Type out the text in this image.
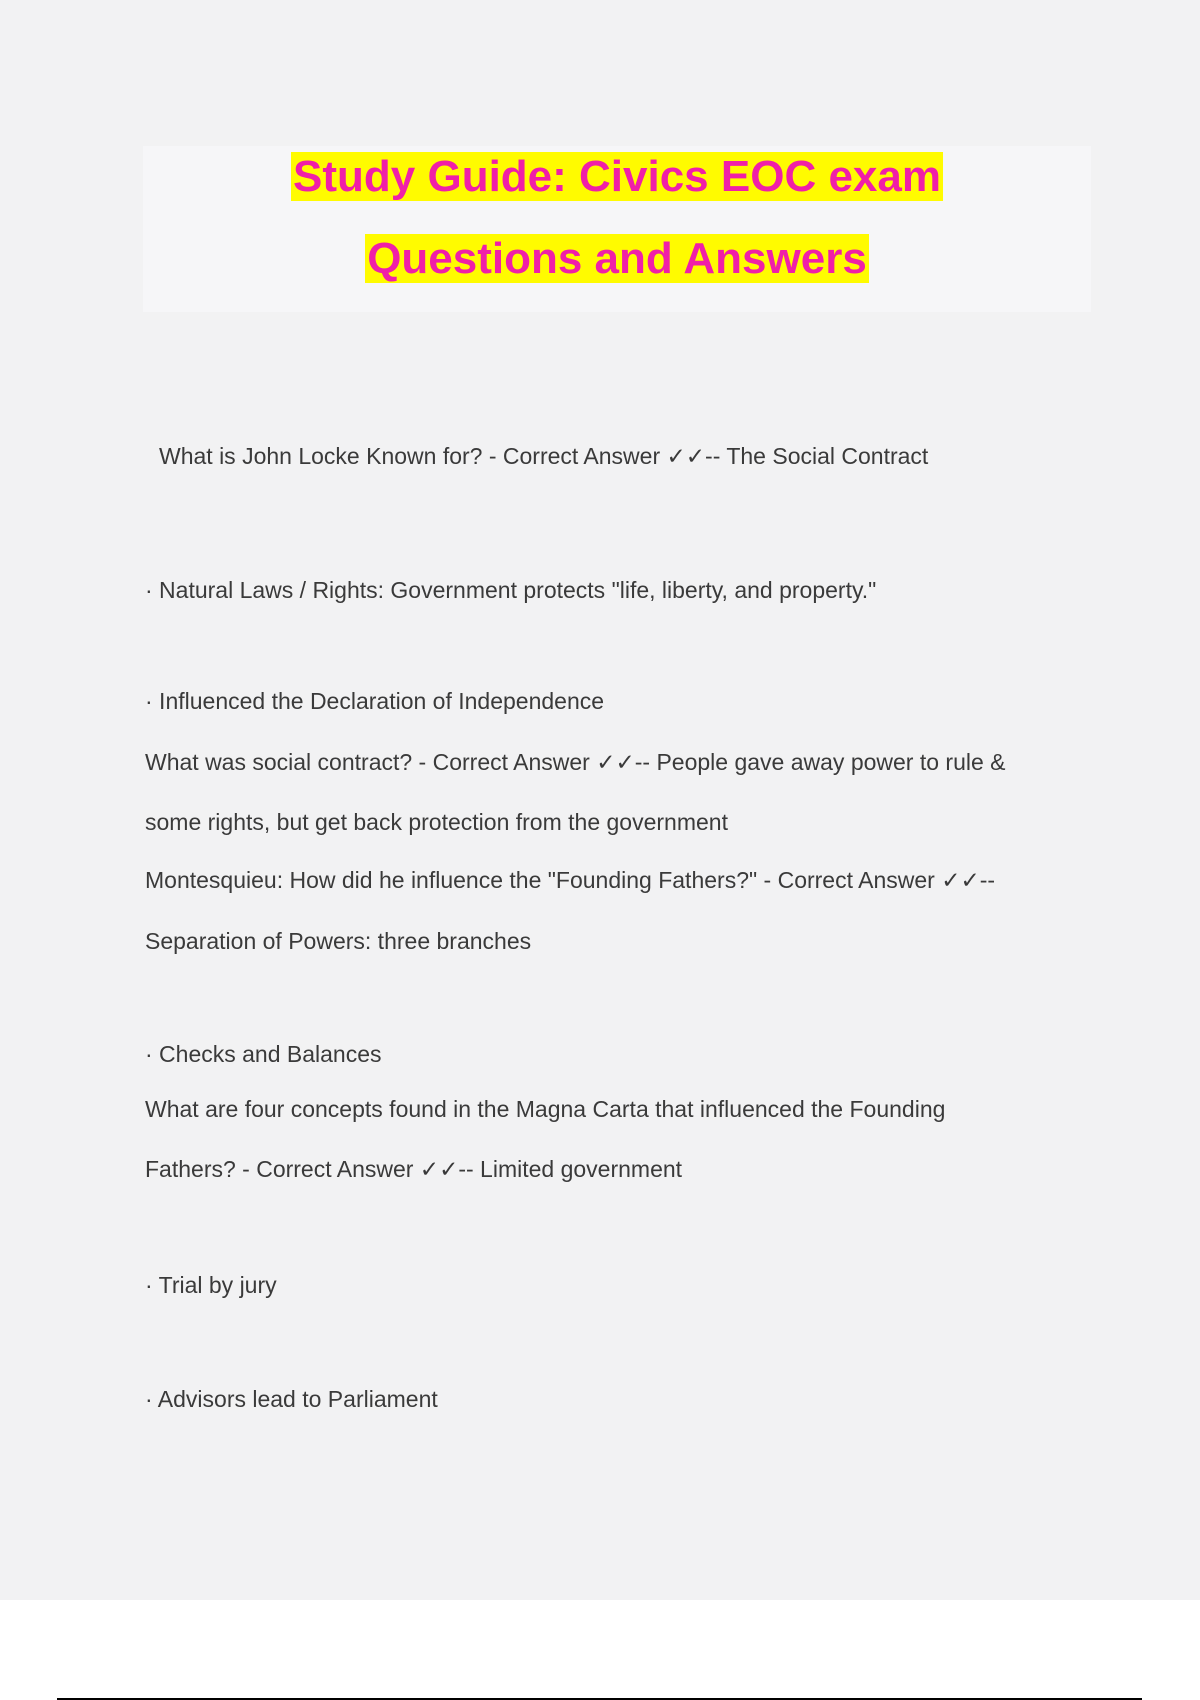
Study Guide: Civics EOC exam
Questions and Answers
What is John Locke Known for? - Correct Answer ✓✓-- The Social Contract
· Natural Laws / Rights: Government protects "life, liberty, and property."
· Influenced the Declaration of Independence
What was social contract? - Correct Answer ✓✓-- People gave away power to rule &
some rights, but get back protection from the government
Montesquieu: How did he influence the "Founding Fathers?" - Correct Answer ✓✓--
Separation of Powers: three branches
· Checks and Balances
What are four concepts found in the Magna Carta that influenced the Founding
Fathers? - Correct Answer ✓✓-- Limited government
· Trial by jury
· Advisors lead to Parliament
